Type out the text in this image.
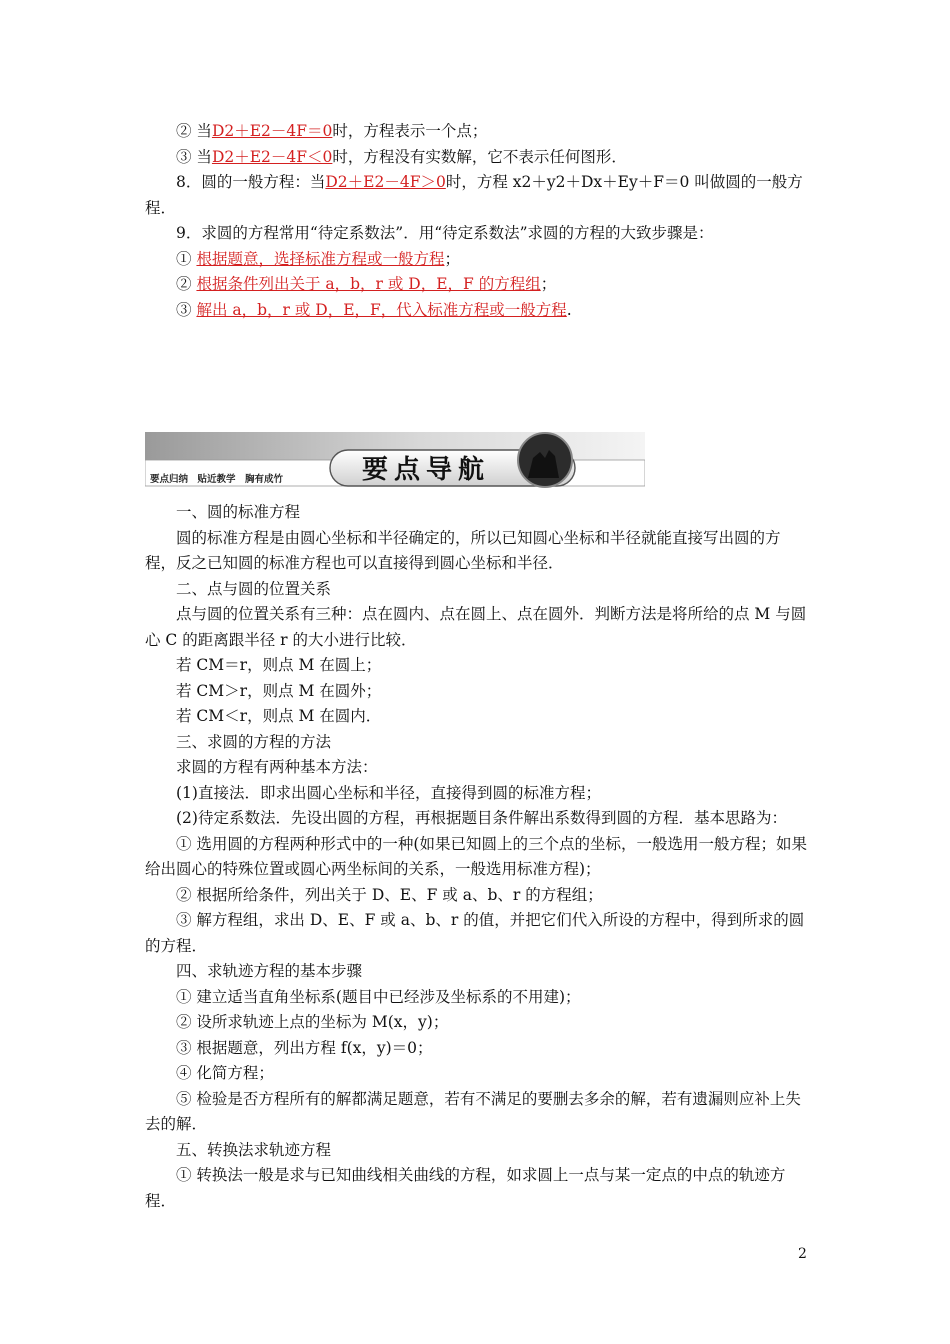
② 当D2＋E2－4F＝0时，方程表示一个点；
③ 当D2＋E2－4F＜0时，方程没有实数解，它不表示任何图形．
8．圆的一般方程：当D2＋E2－4F＞0时，方程 x2＋y2＋Dx＋Ey＋F＝0 叫做圆的一般方
程．
9．求圆的方程常用“待定系数法”．用“待定系数法”求圆的方程的大致步骤是：
① 根据题意，选择标准方程或一般方程；
② 根据条件列出关于 a，b，r 或 D，E，F 的方程组；
③ 解出 a，b，r 或 D，E，F，代入标准方程或一般方程.
要点归纳　贴近教学　胸有成竹	要点导航
一、圆的标准方程
圆的标准方程是由圆心坐标和半径确定的，所以已知圆心坐标和半径就能直接写出圆的方程，反之已知圆的标准方程也可以直接得到圆心坐标和半径．
二、点与圆的位置关系
点与圆的位置关系有三种：点在圆内、点在圆上、点在圆外．判断方法是将所给的点 M 与圆心 C 的距离跟半径 r 的大小进行比较．
若 CM＝r，则点 M 在圆上；
若 CM＞r，则点 M 在圆外；
若 CM＜r，则点 M 在圆内．
三、求圆的方程的方法
求圆的方程有两种基本方法：
(1)直接法．即求出圆心坐标和半径，直接得到圆的标准方程；
(2)待定系数法．先设出圆的方程，再根据题目条件解出系数得到圆的方程．基本思路为：
① 选用圆的方程两种形式中的一种(如果已知圆上的三个点的坐标，一般选用一般方程；如果给出圆心的特殊位置或圆心两坐标间的关系，一般选用标准方程)；
② 根据所给条件，列出关于 D、E、F 或 a、b、r 的方程组；
③ 解方程组，求出 D、E、F 或 a、b、r 的值，并把它们代入所设的方程中，得到所求的圆的方程．
四、求轨迹方程的基本步骤
① 建立适当直角坐标系(题目中已经涉及坐标系的不用建)；
② 设所求轨迹上点的坐标为 M(x，y)；
③ 根据题意，列出方程 f(x，y)＝0；
④ 化简方程；
⑤ 检验是否方程所有的解都满足题意，若有不满足的要删去多余的解，若有遗漏则应补上失去的解．
五、转换法求轨迹方程
① 转换法一般是求与已知曲线相关曲线的方程，如求圆上一点与某一定点的中点的轨迹方程．
2
